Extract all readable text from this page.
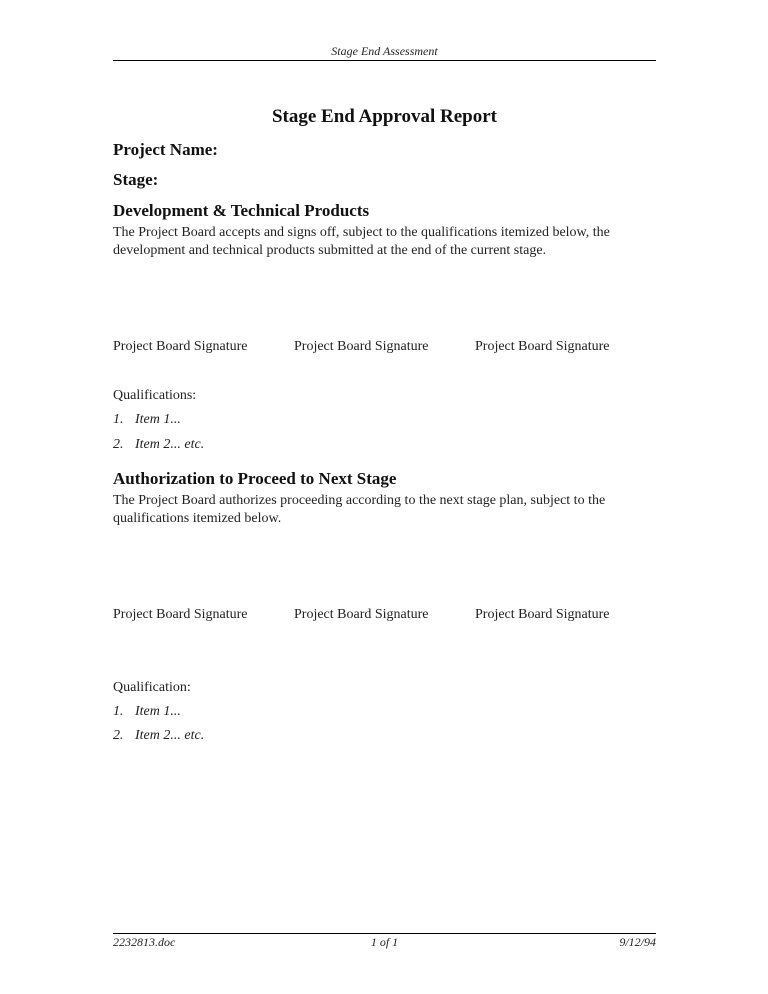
Stage End Assessment
Stage End Approval Report
Project Name:
Stage:
Development & Technical Products
The Project Board accepts and signs off, subject to the qualifications itemized below, the development and technical products submitted at the end of the current stage.
Project Board Signature	Project Board Signature	Project Board Signature
Qualifications:
1. Item 1...
2. Item 2... etc.
Authorization to Proceed to Next Stage
The Project Board authorizes proceeding according to the next stage plan, subject to the qualifications itemized below.
Project Board Signature	Project Board Signature	Project Board Signature
Qualification:
1. Item 1...
2. Item 2... etc.
2232813.doc	1 of 1	9/12/94
